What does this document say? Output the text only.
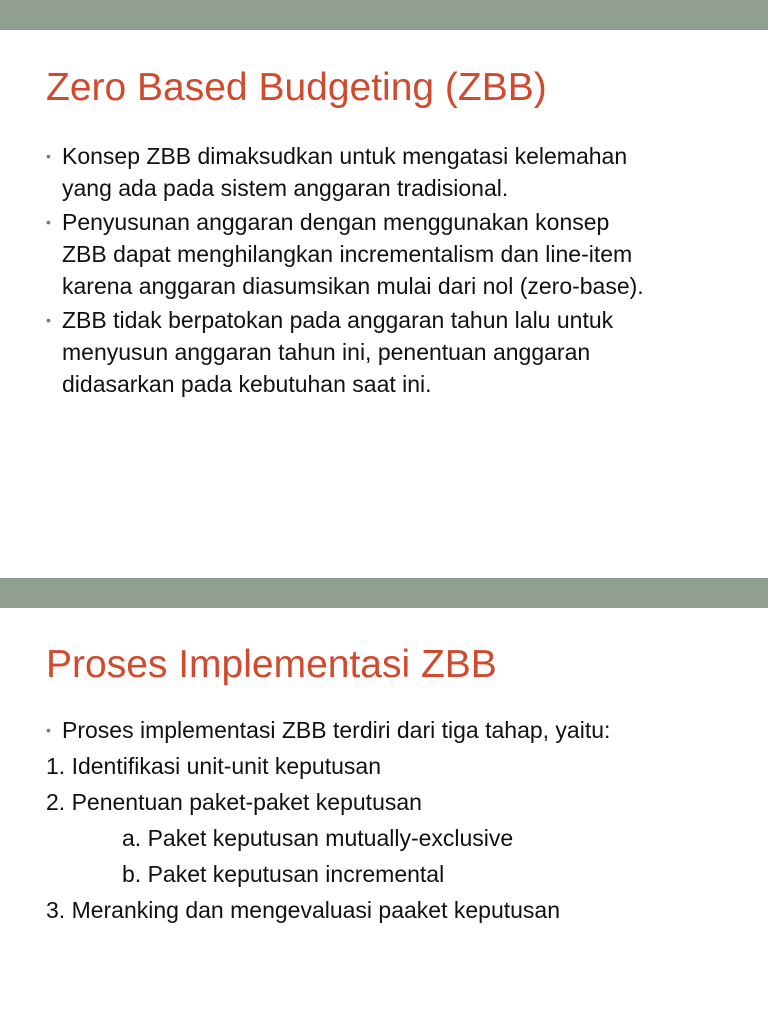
Zero Based Budgeting (ZBB)
• Konsep ZBB dimaksudkan untuk mengatasi kelemahan
yang ada pada sistem anggaran tradisional.
• Penyusunan anggaran dengan menggunakan konsep
ZBB dapat menghilangkan incrementalism dan line-item
karena anggaran diasumsikan mulai dari nol (zero-base).
• ZBB tidak berpatokan pada anggaran tahun lalu untuk
menyusun anggaran tahun ini, penentuan anggaran
didasarkan pada kebutuhan saat ini.
Proses Implementasi ZBB
• Proses implementasi ZBB terdiri dari tiga tahap, yaitu:
1. Identifikasi unit-unit keputusan
2. Penentuan paket-paket keputusan
a. Paket keputusan mutually-exclusive
b. Paket keputusan incremental
3. Meranking dan mengevaluasi paaket keputusan
